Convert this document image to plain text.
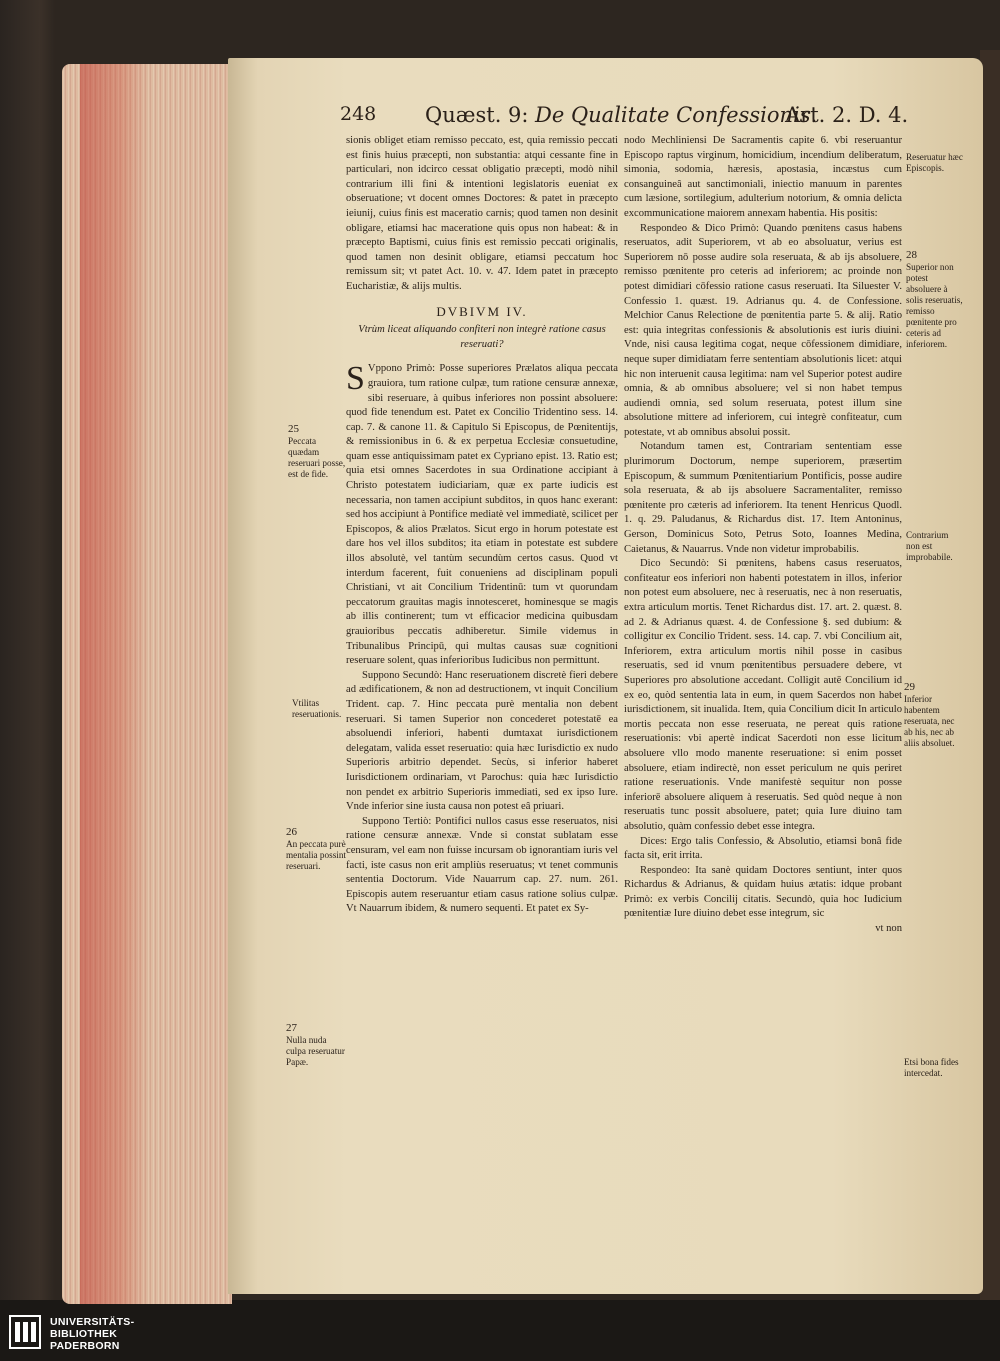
248 Quæst. 9: De Qualitate Confessionis.
Art. 2. D. 4.

sionis obliget etiam remisso peccato, est, quia remissio peccati est finis huius præcepti, non substantia: atqui cessante fine in particulari, non idcirco cessat obligatio præcepti, modò nihil contrarium illi fini & intentioni legislatoris eueniat ex obseruatione; vt docent omnes Doctores: & patet in præcepto ieiunij, cuius finis est maceratio carnis; quod tamen non desinit obligare, etiamsi hac maceratione quis opus non habeat: & in præcepto Baptismi, cuius finis est remissio peccati originalis, quod tamen non desinit obligare, etiamsi peccatum hoc remissum sit; vt patet Act. 10. v. 47. Idem patet in præcepto Eucharistiæ, & alijs multis.

DVBIVM IV.

Vtrùm liceat aliquando confiteri non integrè ratione casus reseruati?

S Vppono Primò: Posse superiores Prælatos aliqua peccata grauiora, tum ratione culpæ, tum ratione censuræ annexæ, sibi reseruare, à quibus inferiores non possint absoluere: quod fide tenendum est. Patet ex Concilio Tridentino sess. 14. cap. 7. & canone 11. & Capitulo Si Episcopus, de Pœnitentijs, & remissionibus in 6. & ex perpetua Ecclesiæ consuetudine, quam esse antiquissimam patet ex Cypriano epist. 13. Ratio est; quia etsi omnes Sacerdotes in sua Ordinatione accipiant à Christo potestatem iudiciariam, quæ ex parte iudicis est necessaria, non tamen accipiunt subditos, in quos hanc exerant: sed hos accipiunt à Pontifice mediatè vel immediatè, scilicet per Episcopos, & alios Prælatos. Sicut ergo in horum potestate est dare hos vel illos subditos; ita etiam in potestate est subdere illos absolutè, vel tantùm secundùm certos casus. Quod vt interdum facerent, fuit conueniens ad disciplinam populi Christiani, vt ait Concilium Tridentinū: tum vt quorundam peccatorum grauitas magis innotesceret, hominesque se magis ab illis continerent; tum vt efficacior medicina quibusdam grauioribus peccatis adhiberetur. Simile videmus in Tribunalibus Principū, qui multas causas suæ cognitioni reseruare solent, quas inferioribus Iudicibus non permittunt.

Suppono Secundò: Hanc reseruationem discretè fieri debere ad ædificationem, & non ad destructionem, vt inquit Concilium Trident. cap. 7. Hinc peccata purè mentalia non debent reseruari. Si tamen Superior non concederet potestatē ea absoluendi inferiori, habenti dumtaxat iurisdictionem delegatam, valida esset reseruatio: quia hæc Iurisdictio ex nudo Superioris arbitrio dependet. Secùs, si inferior haberet Iurisdictionem ordinariam, vt Parochus: quia hæc Iurisdictio non pendet ex arbitrio Superioris immediati, sed ex ipso Iure. Vnde inferior sine iusta causa non potest eâ priuari.

Suppono Tertiò: Pontifici nullos casus esse reseruatos, nisi ratione censuræ annexæ. Vnde si constat sublatam esse censuram, vel eam non fuisse incursam ob ignorantiam iuris vel facti, iste casus non erit ampliùs reseruatus; vt tenet communis sententia Doctorum. Vide Nauarrum cap. 27. num. 261. Episcopis autem reseruantur etiam casus ratione solius culpæ. Vt Nauarrum ibidem, & numero sequenti. Et patet ex Sy-

nodo Mechliniensi De Sacramentis capite 6. vbi reseruantur Episcopo raptus virginum, homicidium, incendium deliberatum, simonia, sodomia, hæresis, apostasia, incæstus cum consanguineâ aut sanctimoniali, iniectio manuum in parentes cum læsione, sortilegium, adulterium notorium, & omnia delicta excommunicatione maiorem annexam habentia. His positis:

Respondeo & Dico Primò: Quando pœnitens casus habens reseruatos, adit Superiorem, vt ab eo absoluatur, verius est Superiorem nō posse audire sola reseruata, & ab ijs absoluere, remisso pœnitente pro ceteris ad inferiorem; ac proinde non potest dimidiari cōfessio ratione casus reseruati. Ita Siluester V. Confessio 1. quæst. 19. Adrianus qu. 4. de Confessione. Melchior Canus Relectione de pœnitentia parte 5. & alij. Ratio est: quia integritas confessionis & absolutionis est iuris diuini. Vnde, nisi causa legitima cogat, neque cōfessionem dimidiare, neque super dimidiatam ferre sententiam absolutionis licet: atqui hic non interuenit causa legitima: nam vel Superior potest audire omnia, & ab omnibus absoluere; vel si non habet tempus audiendi omnia, sed solum reseruata, potest illum sine absolutione mittere ad inferiorem, cui integrè confiteatur, cum potestate, vt ab omnibus absolui possit.

Notandum tamen est, Contrariam sententiam esse plurimorum Doctorum, nempe superiorem, præsertim Episcopum, & summum Pœnitentiarium Pontificis, posse audire sola reseruata, & ab ijs absoluere Sacramentaliter, remisso pœnitente pro cæteris ad inferiorem. Ita tenent Henricus Quodl. 1. q. 29. Paludanus, & Richardus dist. 17. Item Antoninus, Gerson, Dominicus Soto, Petrus Soto, Ioannes Medina, Caietanus, & Nauarrus. Vnde non videtur improbabilis.

Dico Secundò: Si pœnitens, habens casus reseruatos, confiteatur eos inferiori non habenti potestatem in illos, inferior non potest eum absoluere, nec à reseruatis, nec à non reseruatis, extra articulum mortis. Tenet Richardus dist. 17. art. 2. quæst. 8. ad 2. & Adrianus quæst. 4. de Confessione §. sed dubium: & colligitur ex Concilio Trident. sess. 14. cap. 7. vbi Concilium ait, Inferiorem, extra articulum mortis nihil posse in casibus reseruatis, sed id vnum pœnitentibus persuadere debere, vt Superiores pro absolutione accedant. Colligit autē Concilium id ex eo, quòd sententia lata in eum, in quem Sacerdos non habet iurisdictionem, sit inualida. Item, quia Concilium dicit In articulo mortis peccata non esse reseruata, ne pereat quis ratione reseruationis: vbi apertè indicat Sacerdoti non esse licitum absoluere vllo modo manente reseruatione: si enim posset absoluere, etiam indirectè, non esset periculum ne quis periret ratione reseruationis. Vnde manifestè sequitur non posse inferiorē absoluere aliquem à reseruatis. Sed quòd neque à non reseruatis tunc possit absoluere, patet; quia Iure diuino tam absolutio, quàm confessio debet esse integra.

Dices: Ergo talis Confessio, & Absolutio, etiamsi bonâ fide facta sit, erit irrita.

Respondeo: Ita sanè quidam Doctores sentiunt, inter quos Richardus & Adrianus, & quidam huius ætatis: idque probant Primò: ex verbis Concilij citatis. Secundò, quia hoc Iudicium pœnitentiæ Iure diuino debet esse integrum, sic

vt non

25
Peccata quædam reseruari posse, est de fide.
Vtilitas reseruationis.
26
An peccata purè mentalia possint reseruari.
27
Nulla nuda culpa reseruatur Papæ.
Reseruatur hæc Episcopis.
28
Superior non potest absoluere à solis reseruatis, remisso pœnitente pro ceteris ad inferiorem.
Contrarium non est improbabile.
29
Inferior habentem reseruata, nec ab his, nec ab aliis absoluet.
Etsi bona fides intercedat.
UNIVERSITÄTS-
BIBLIOTHEK
PADERBORN
